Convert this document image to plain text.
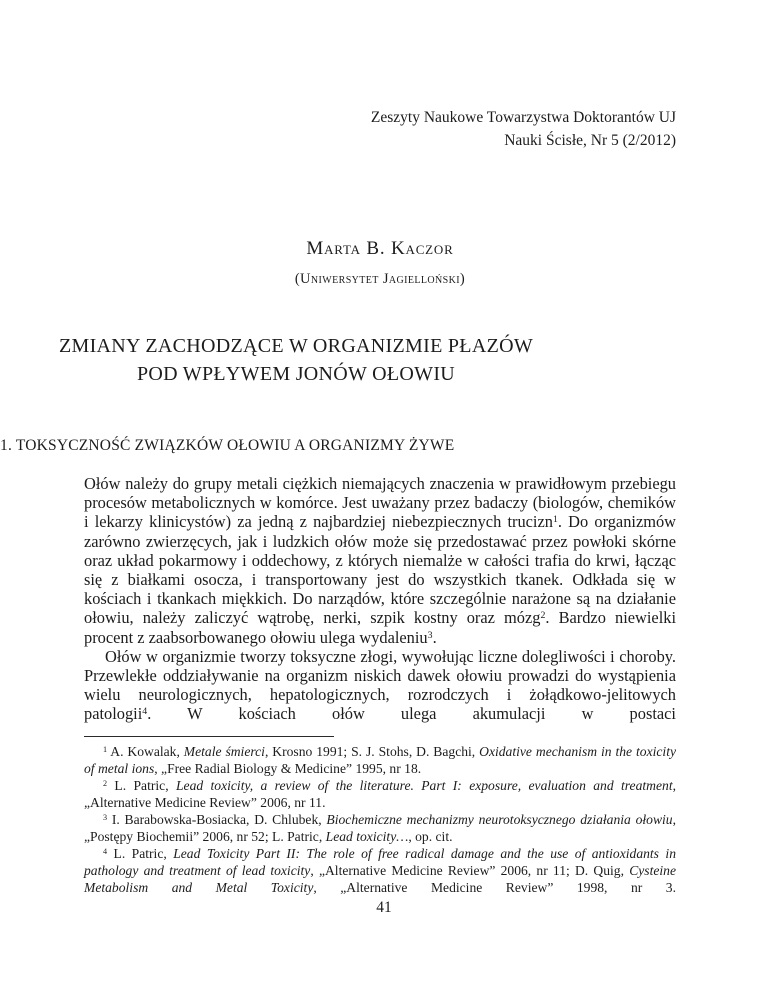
Zeszyty Naukowe Towarzystwa Doktorantów UJ
Nauki Ścisłe, Nr 5 (2/2012)
Marta B. Kaczor
(Uniwersytet Jagielloński)
ZMIANY ZACHODZĄCE W ORGANIZMIE PŁAZÓW
POD WPŁYWEM JONÓW OŁOWIU
1. TOKSYCZNOŚĆ ZWIĄZKÓW OŁOWIU A ORGANIZMY ŻYWE

Ołów należy do grupy metali ciężkich niemających znaczenia w prawidłowym przebiegu procesów metabolicznych w komórce. Jest uważany przez badaczy (biologów, chemików i lekarzy klinicystów) za jedną z najbardziej niebezpiecznych trucizn$^1$. Do organizmów zarówno zwierzęcych, jak i ludzkich ołów może się przedostawać przez powłoki skórne oraz układ pokarmowy i oddechowy, z których niemalże w całości trafia do krwi, łącząc się z białkami osocza, i transportowany jest do wszystkich tkanek. Odkłada się w kościach i tkankach miękkich. Do narządów, które szczególnie narażone są na działanie ołowiu, należy zaliczyć wątrobę, nerki, szpik kostny oraz mózg$^2$. Bardzo niewielki procent z zaabsorbowanego ołowiu ulega wydaleniu$^3$.

Ołów w organizmie tworzy toksyczne złogi, wywołując liczne dolegliwości i choroby. Przewlekłe oddziaływanie na organizm niskich dawek ołowiu prowadzi do wystąpienia wielu neurologicznych, hepatologicznych, rozrodczych i żołądkowo-jelitowych patologii$^4$. W kościach ołów ulega akumulacji w postaci

$^1$ A. Kowalak, Metale śmierci, Krosno 1991; S. J. Stohs, D. Bagchi, Oxidative mechanism in the toxicity of metal ions, „Free Radial Biology & Medicine” 1995, nr 18.

$^2$ L. Patric, Lead toxicity, a review of the literature. Part I: exposure, evaluation and treatment, „Alternative Medicine Review” 2006, nr 11.

$^3$ I. Barabowska-Bosiacka, D. Chlubek, Biochemiczne mechanizmy neurotoksycznego działania ołowiu, „Postępy Biochemii” 2006, nr 52; L. Patric, Lead toxicity…, op. cit.

$^4$ L. Patric, Lead Toxicity Part II: The role of free radical damage and the use of antioxidants in pathology and treatment of lead toxicity, „Alternative Medicine Review” 2006, nr 11; D. Quig, Cysteine Metabolism and Metal Toxicity, „Alternative Medicine Review” 1998, nr 3.

41
